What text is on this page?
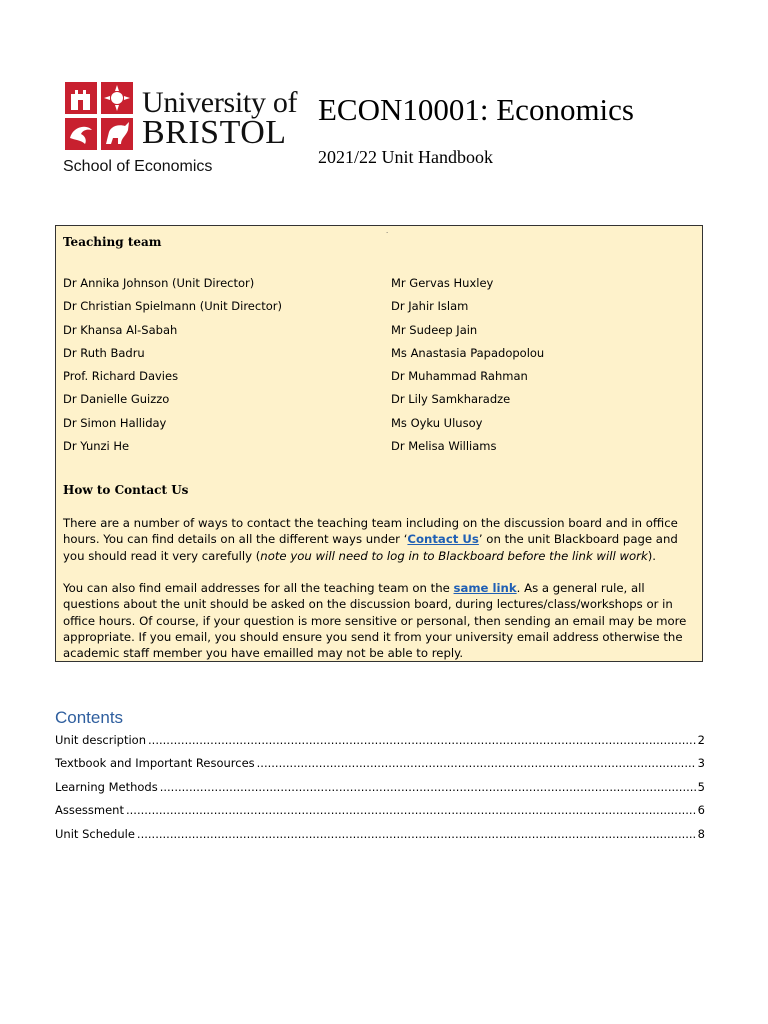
University of
BRISTOL
School of Economics
ECON10001: Economics
2021/22 Unit Handbook
.
Teaching team
Dr Annika Johnson (Unit Director)
Dr Christian Spielmann (Unit Director)
Dr Khansa Al-Sabah
Dr Ruth Badru
Prof. Richard Davies
Dr Danielle Guizzo
Dr Simon Halliday
Dr Yunzi He
Mr Gervas Huxley
Dr Jahir Islam
Mr Sudeep Jain
Ms Anastasia Papadopolou
Dr Muhammad Rahman
Dr Lily Samkharadze
Ms Oyku Ulusoy
Dr Melisa Williams
How to Contact Us

There are a number of ways to contact the teaching team including on the discussion board and in office hours. You can find details on all the different ways under ‘Contact Us’ on the unit Blackboard page and you should read it very carefully (note you will need to log in to Blackboard before the link will work).

You can also find email addresses for all the teaching team on the same link. As a general rule, all questions about the unit should be asked on the discussion board, during lectures/class/workshops or in office hours. Of course, if your question is more sensitive or personal, then sending an email may be more appropriate. If you email, you should ensure you send it from your university email address otherwise the academic staff member you have emailled may not be able to reply.

Contents
Unit description .....	2
Textbook and Important Resources .....	3
Learning Methods .....	5
Assessment .....	6
Unit Schedule .....	8
